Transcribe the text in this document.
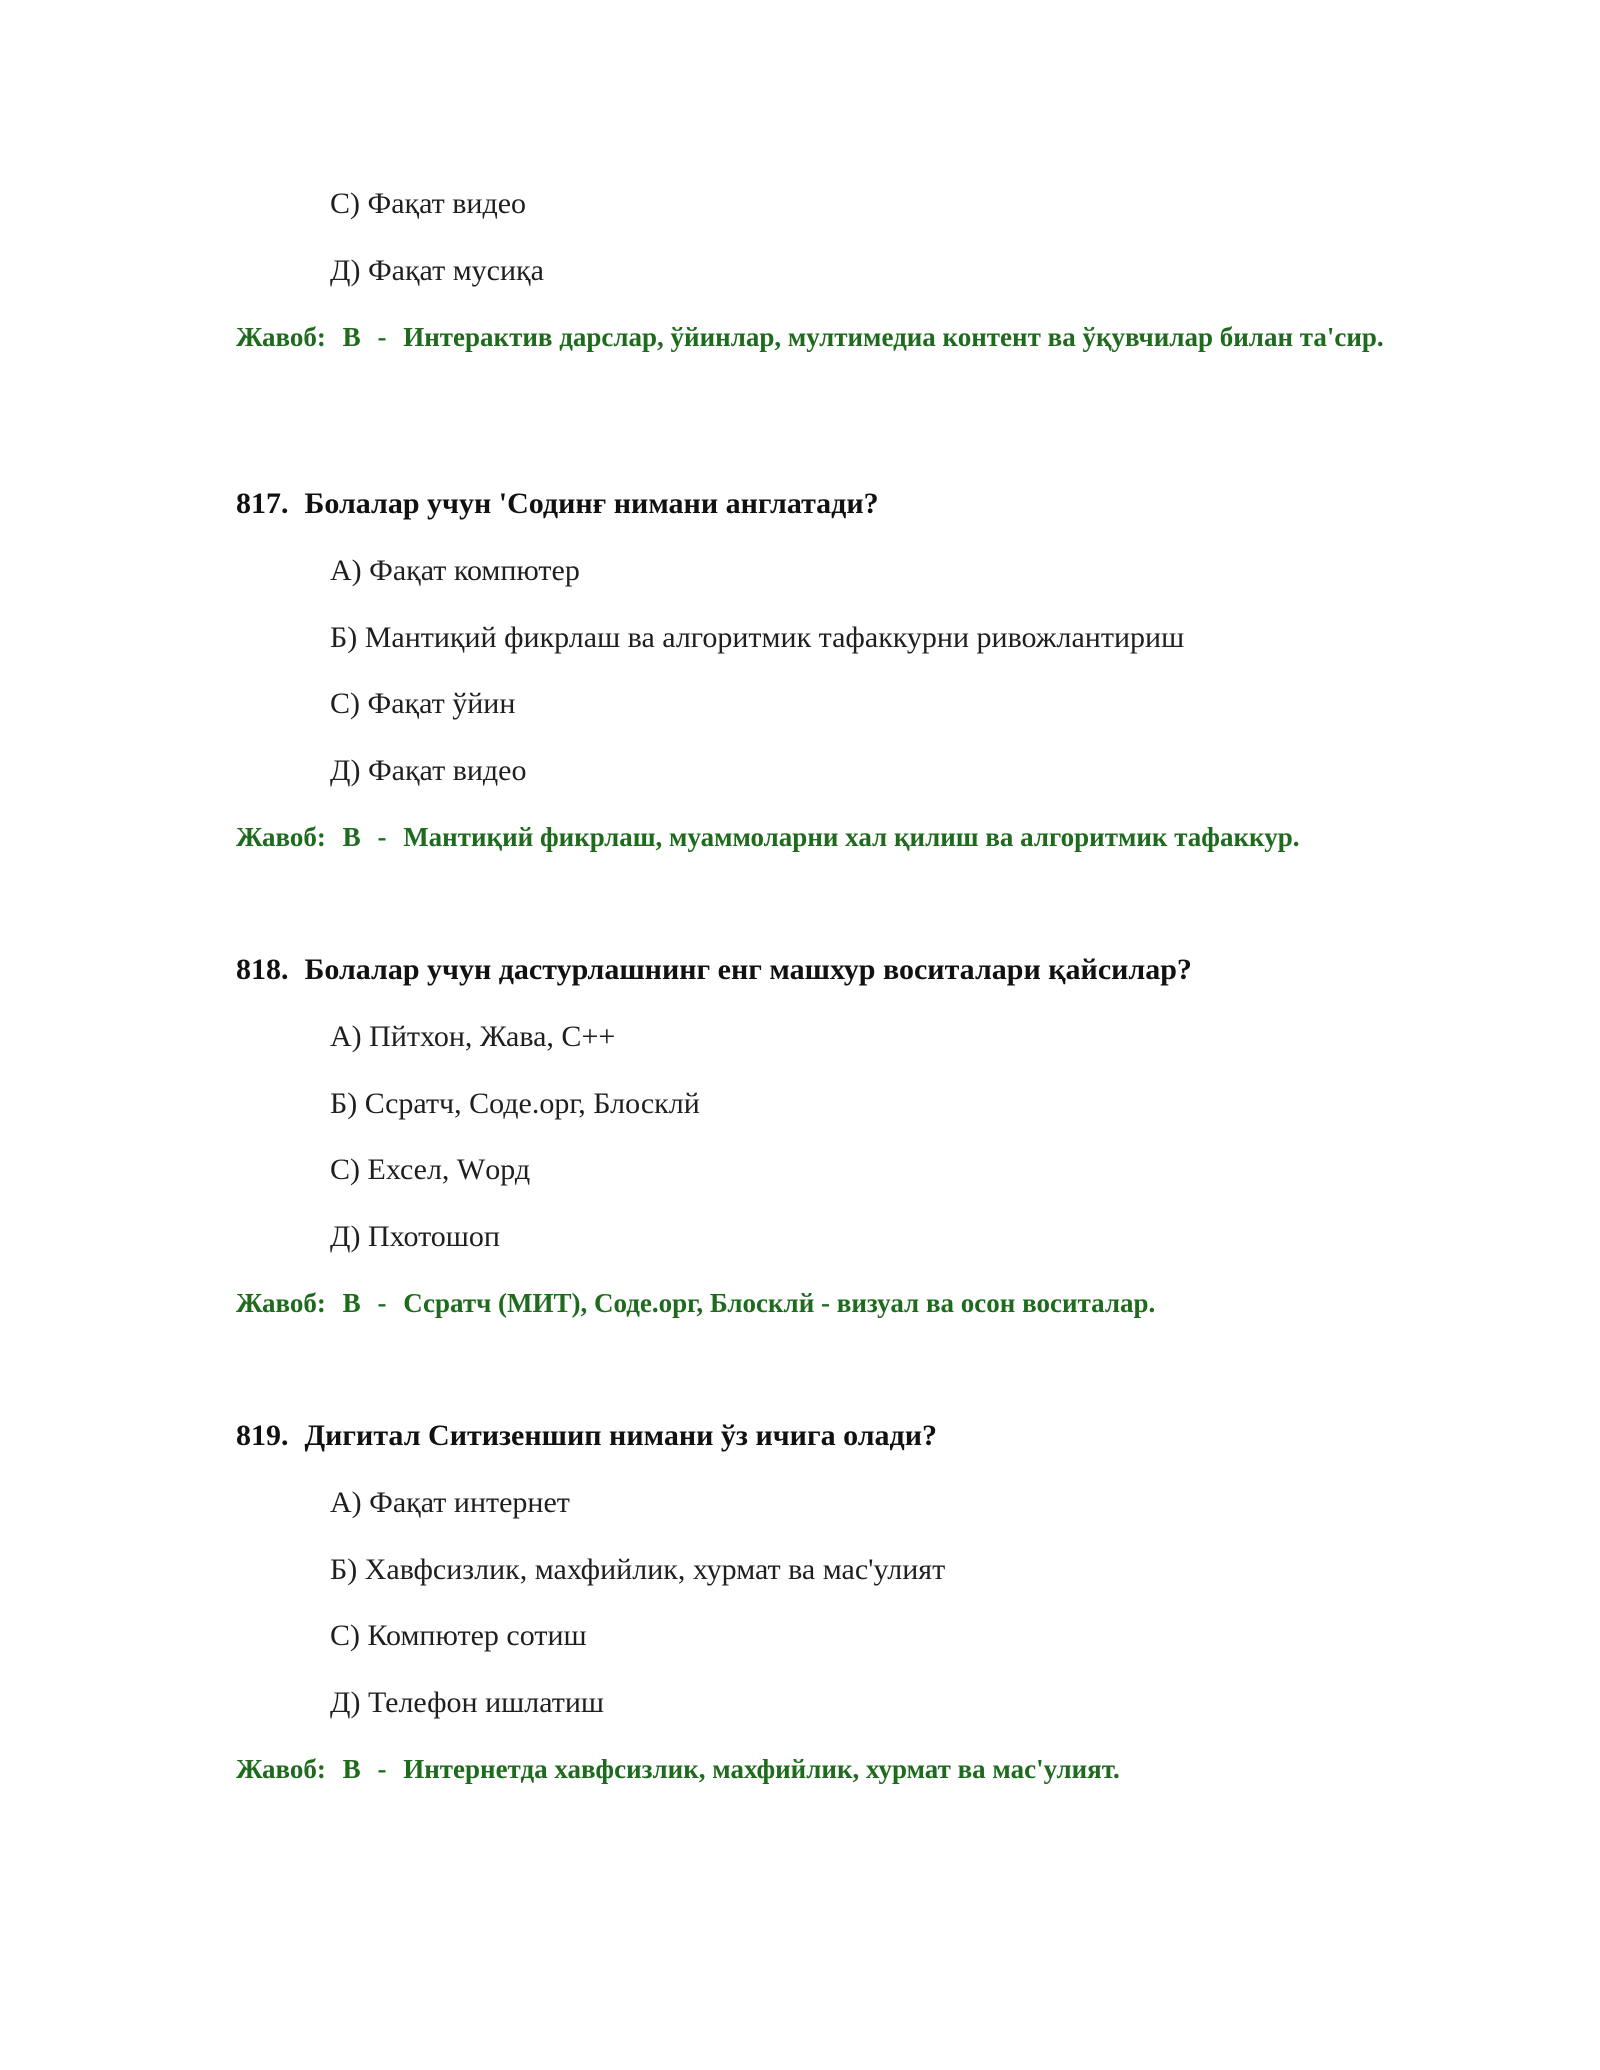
С) Фақат видео
Д) Фақат мусиқа
Жавоб: B - Интерактив дарслар, ўйинлар, мултимедиа контент ва ўқувчилар билан та'сир.
817. Болалар учун 'Содинғ нимани англатади?
А) Фақат компютер
Б) Мантиқий фикрлаш ва алгоритмик тафаккурни ривожлантириш
С) Фақат ўйин
Д) Фақат видео
Жавоб: B - Мантиқий фикрлаш, муаммоларни хал қилиш ва алгоритмик тафаккур.
818. Болалар учун дастурлашнинг енг машхур воситалари қайсилар?
А) Пйтхон, Жава, C++
Б) Ссратч, Соде.орг, Блосклй
С) Ехсел, Wорд
Д) Пхотошоп
Жавоб: B - Ссратч (МИТ), Соде.орг, Блосклй - визуал ва осон воситалар.
819. Дигитал Ситизеншип нимани ўз ичига олади?
А) Фақат интернет
Б) Хавфсизлик, махфийлик, хурмат ва мас'улият
С) Компютер сотиш
Д) Телефон ишлатиш
Жавоб: B - Интернетда хавфсизлик, махфийлик, хурмат ва мас'улият.
